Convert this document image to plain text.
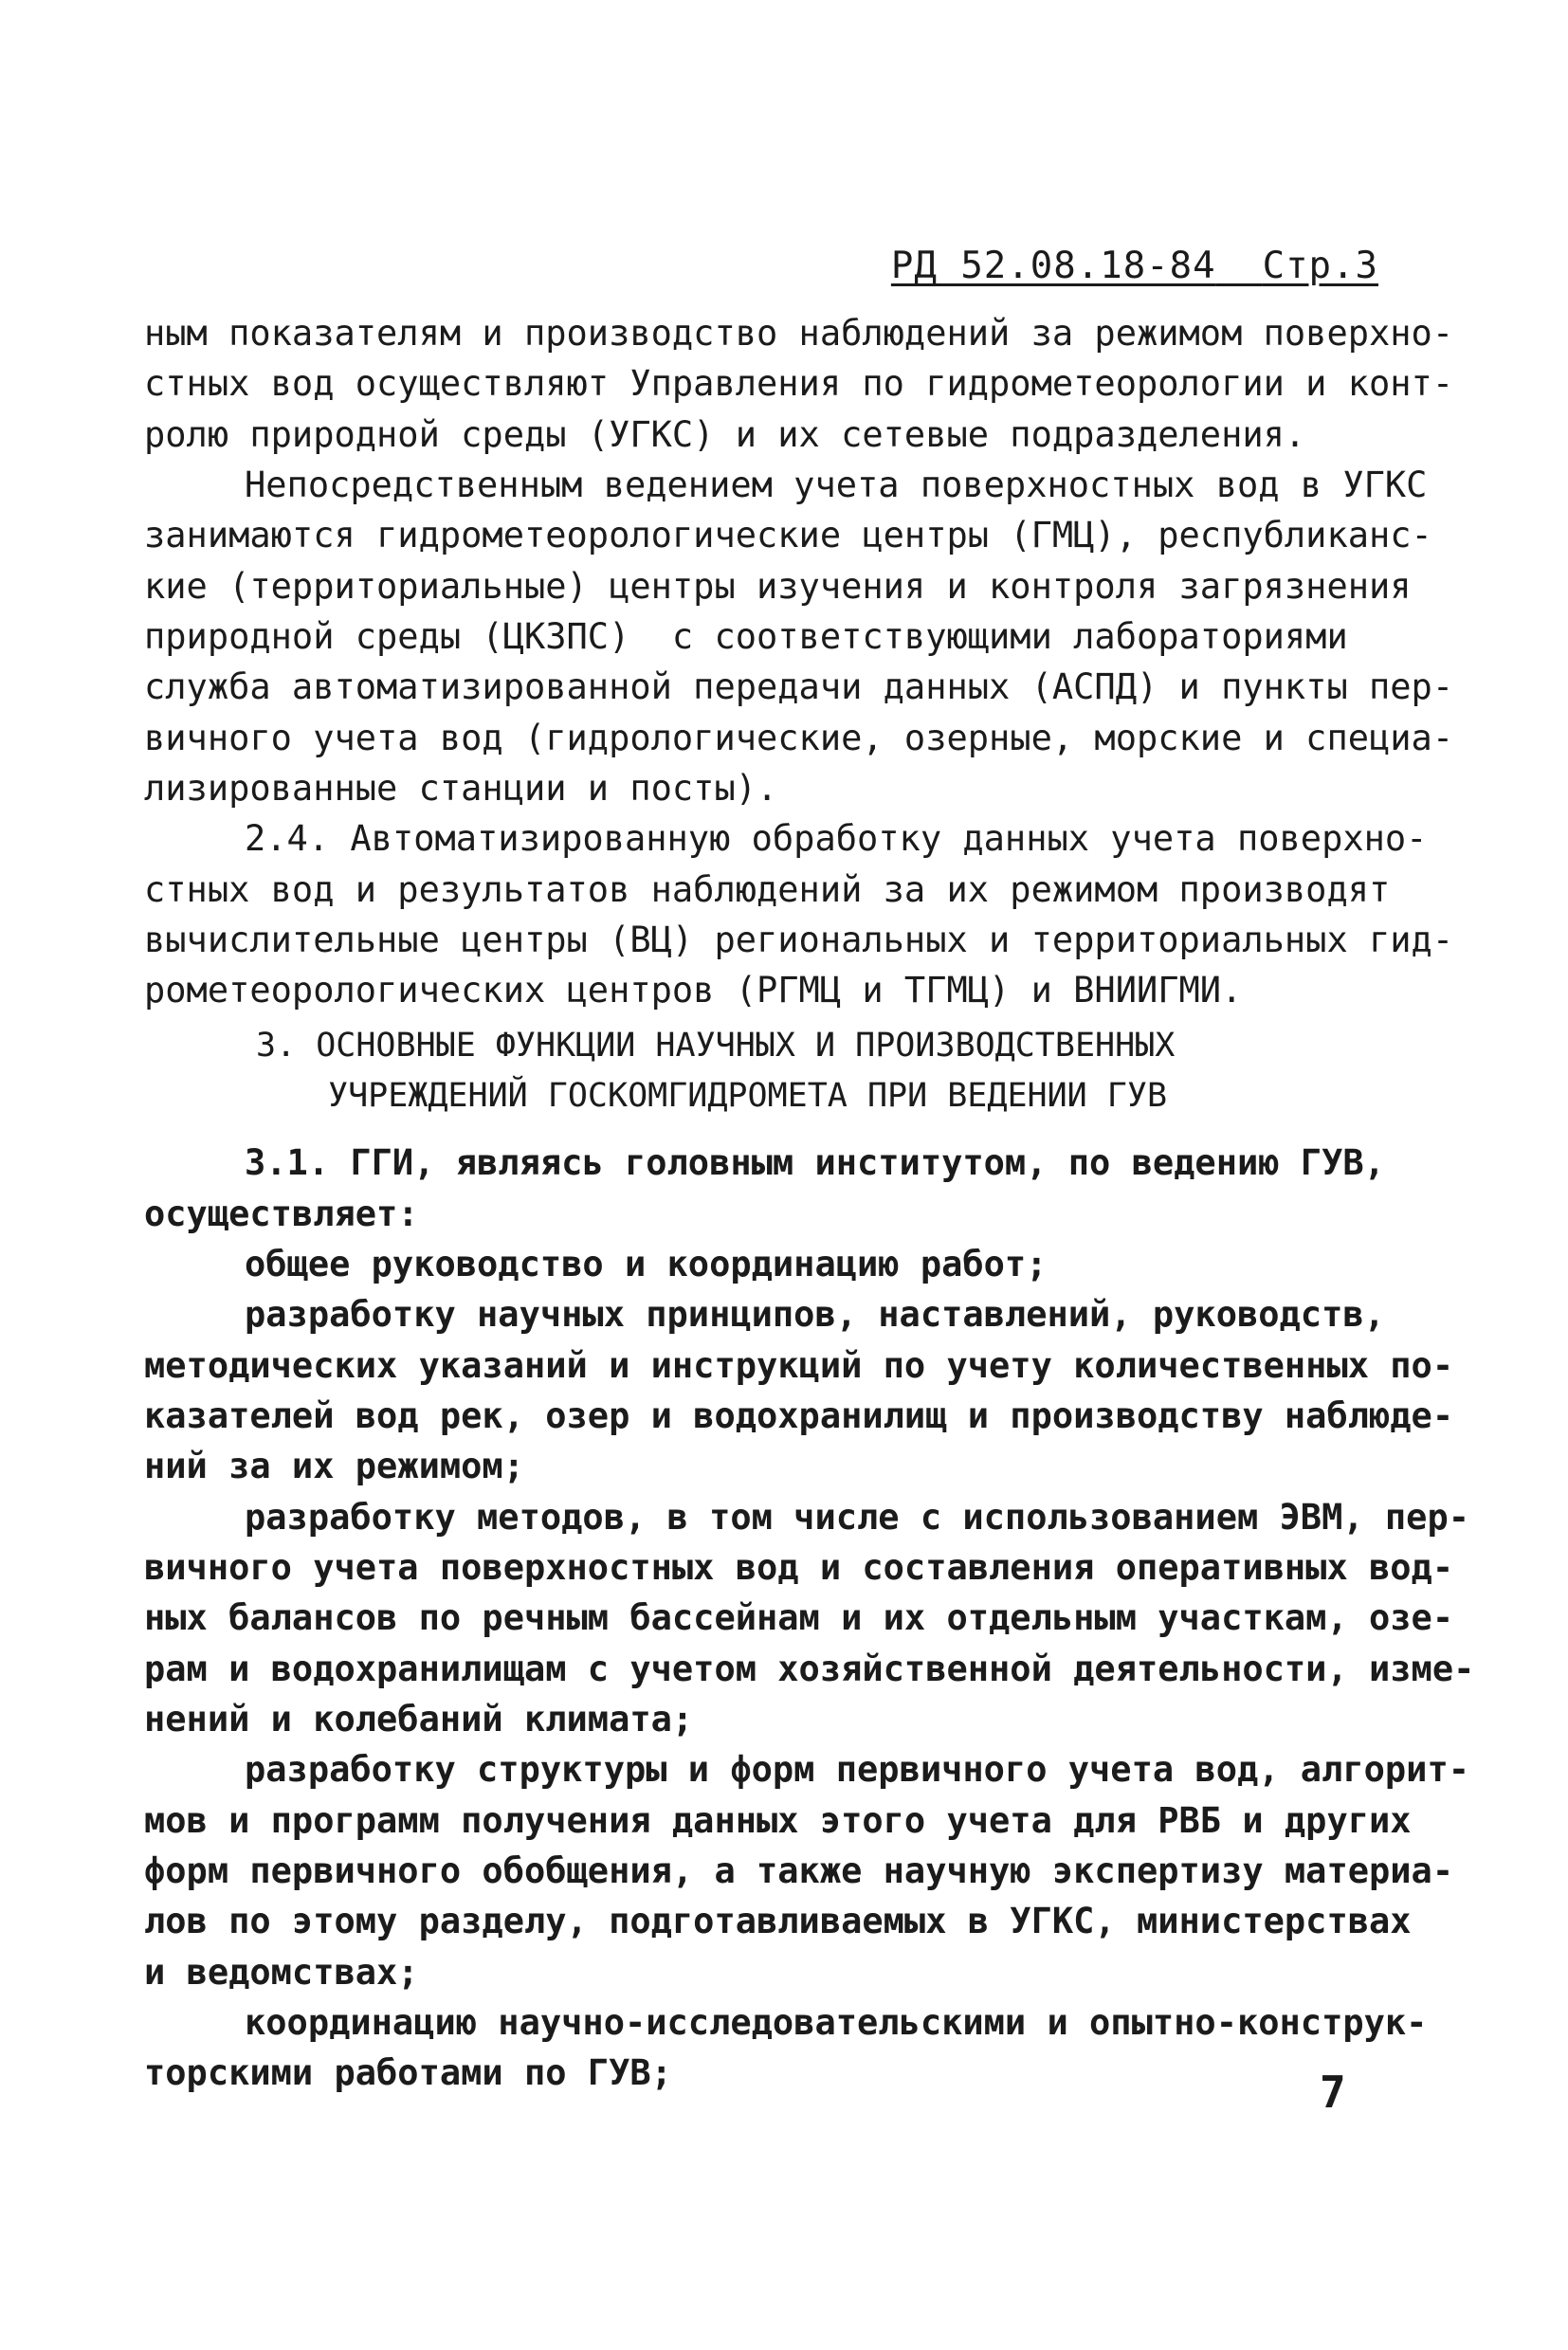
РД 52.08.18-84 Стр.3
ным показателям и производство наблюдений за режимом поверхно-
стных вод осуществляют Управления по гидрометеорологии и конт-
ролю природной среды (УГКС) и их сетевые подразделения.
Непосредственным ведением учета поверхностных вод в УГКС
занимаются гидрометеорологические центры (ГМЦ), республиканс-
кие (территориальные) центры изучения и контроля загрязнения
природной среды (ЦКЗПС)  с соответствующими лабораториями
служба автоматизированной передачи данных (АСПД) и пункты пер-
вичного учета вод (гидрологические, озерные, морские и специа-
лизированные станции и посты).
2.4. Автоматизированную обработку данных учета поверхно-
стных вод и результатов наблюдений за их режимом производят
вычислительные центры (ВЦ) региональных и территориальных гид-
рометеорологических центров (РГМЦ и ТГМЦ) и ВНИИГМИ.
3. ОСНОВНЫЕ ФУНКЦИИ НАУЧНЫХ И ПРОИЗВОДСТВЕННЫХ
УЧРЕЖДЕНИЙ ГОСКОМГИДРОМЕТА ПРИ ВЕДЕНИИ ГУВ
3.1. ГГИ, являясь головным институтом, по ведению ГУВ,
осуществляет:
общее руководство и координацию работ;
разработку научных принципов, наставлений, руководств,
методических указаний и инструкций по учету количественных по-
казателей вод рек, озер и водохранилищ и производству наблюде-
ний за их режимом;
разработку методов, в том числе с использованием ЭВМ, пер-
вичного учета поверхностных вод и составления оперативных вод-
ных балансов по речным бассейнам и их отдельным участкам, озе-
рам и водохранилищам с учетом хозяйственной деятельности, изме-
нений и колебаний климата;
разработку структуры и форм первичного учета вод, алгорит-
мов и программ получения данных этого учета для РВБ и других
форм первичного обобщения, а также научную экспертизу материа-
лов по этому разделу, подготавливаемых в УГКС, министерствах
и ведомствах;
координацию научно-исследовательскими и опытно-конструк-
торскими работами по ГУВ;	7
